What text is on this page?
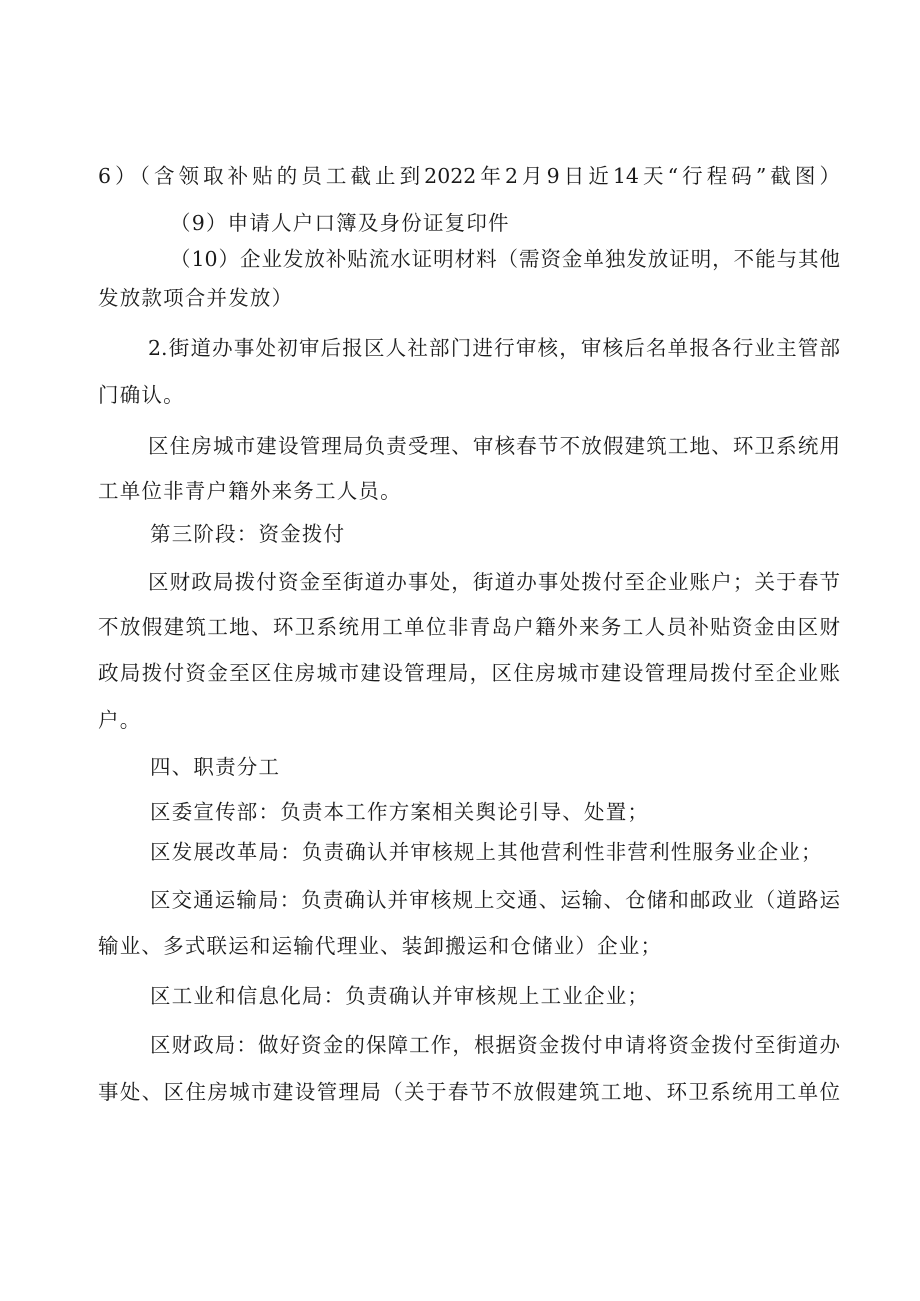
6）（含领取补贴的员工截止到2022年2月9日近14天“行程码”截图）
（9）申请人户口簿及身份证复印件
（10）企业发放补贴流水证明材料（需资金单独发放证明，不能与其他
发放款项合并发放）
2.街道办事处初审后报区人社部门进行审核，审核后名单报各行业主管部
门确认。
区住房城市建设管理局负责受理、审核春节不放假建筑工地、环卫系统用
工单位非青户籍外来务工人员。
第三阶段：资金拨付
区财政局拨付资金至街道办事处，街道办事处拨付至企业账户；关于春节
不放假建筑工地、环卫系统用工单位非青岛户籍外来务工人员补贴资金由区财
政局拨付资金至区住房城市建设管理局，区住房城市建设管理局拨付至企业账
户。
四、职责分工
区委宣传部：负责本工作方案相关舆论引导、处置；
区发展改革局：负责确认并审核规上其他营利性非营利性服务业企业；
区交通运输局：负责确认并审核规上交通、运输、仓储和邮政业（道路运
输业、多式联运和运输代理业、装卸搬运和仓储业）企业；
区工业和信息化局：负责确认并审核规上工业企业；
区财政局：做好资金的保障工作，根据资金拨付申请将资金拨付至街道办
事处、区住房城市建设管理局（关于春节不放假建筑工地、环卫系统用工单位
